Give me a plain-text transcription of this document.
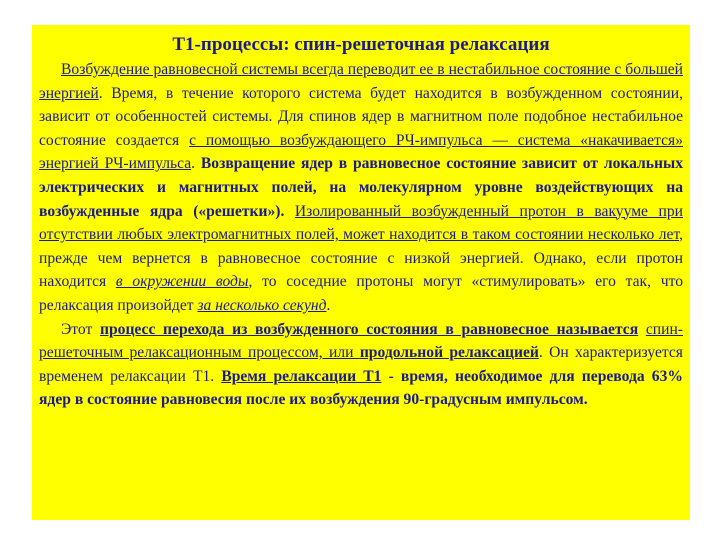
Т1-процессы: спин-решеточная релаксация

Возбуждение равновесной системы всегда переводит ее в нестабильное состояние с большей энергией. Время, в течение которого система будет находится в возбужденном состоянии, зависит от особенностей системы. Для спинов ядер в магнитном поле подобное нестабильное состояние создается с помощью возбуждающего РЧ-импульса — система «накачивается» энергией РЧ-импульса. Возвращение ядер в равновесное состояние зависит от локальных электрических и магнитных полей, на молекулярном уровне воздействующих на возбужденные ядра («решетки»). Изолированный возбужденный протон в вакууме при отсутствии любых электромагнитных полей, может находится в таком состоянии несколько лет, прежде чем вернется в равновесное состояние с низкой энергией. Однако, если протон находится в окружении воды, то соседние протоны могут «стимулировать» его так, что релаксация произойдет за несколько секунд.

Этот процесс перехода из возбужденного состояния в равновесное называется спин-решеточным релаксационным процессом, или продольной релаксацией. Он характеризуется временем релаксации Т1. Время релаксации Т1 - время, необходимое для перевода 63% ядер в состояние равновесия после их возбуждения 90-градусным импульсом.
